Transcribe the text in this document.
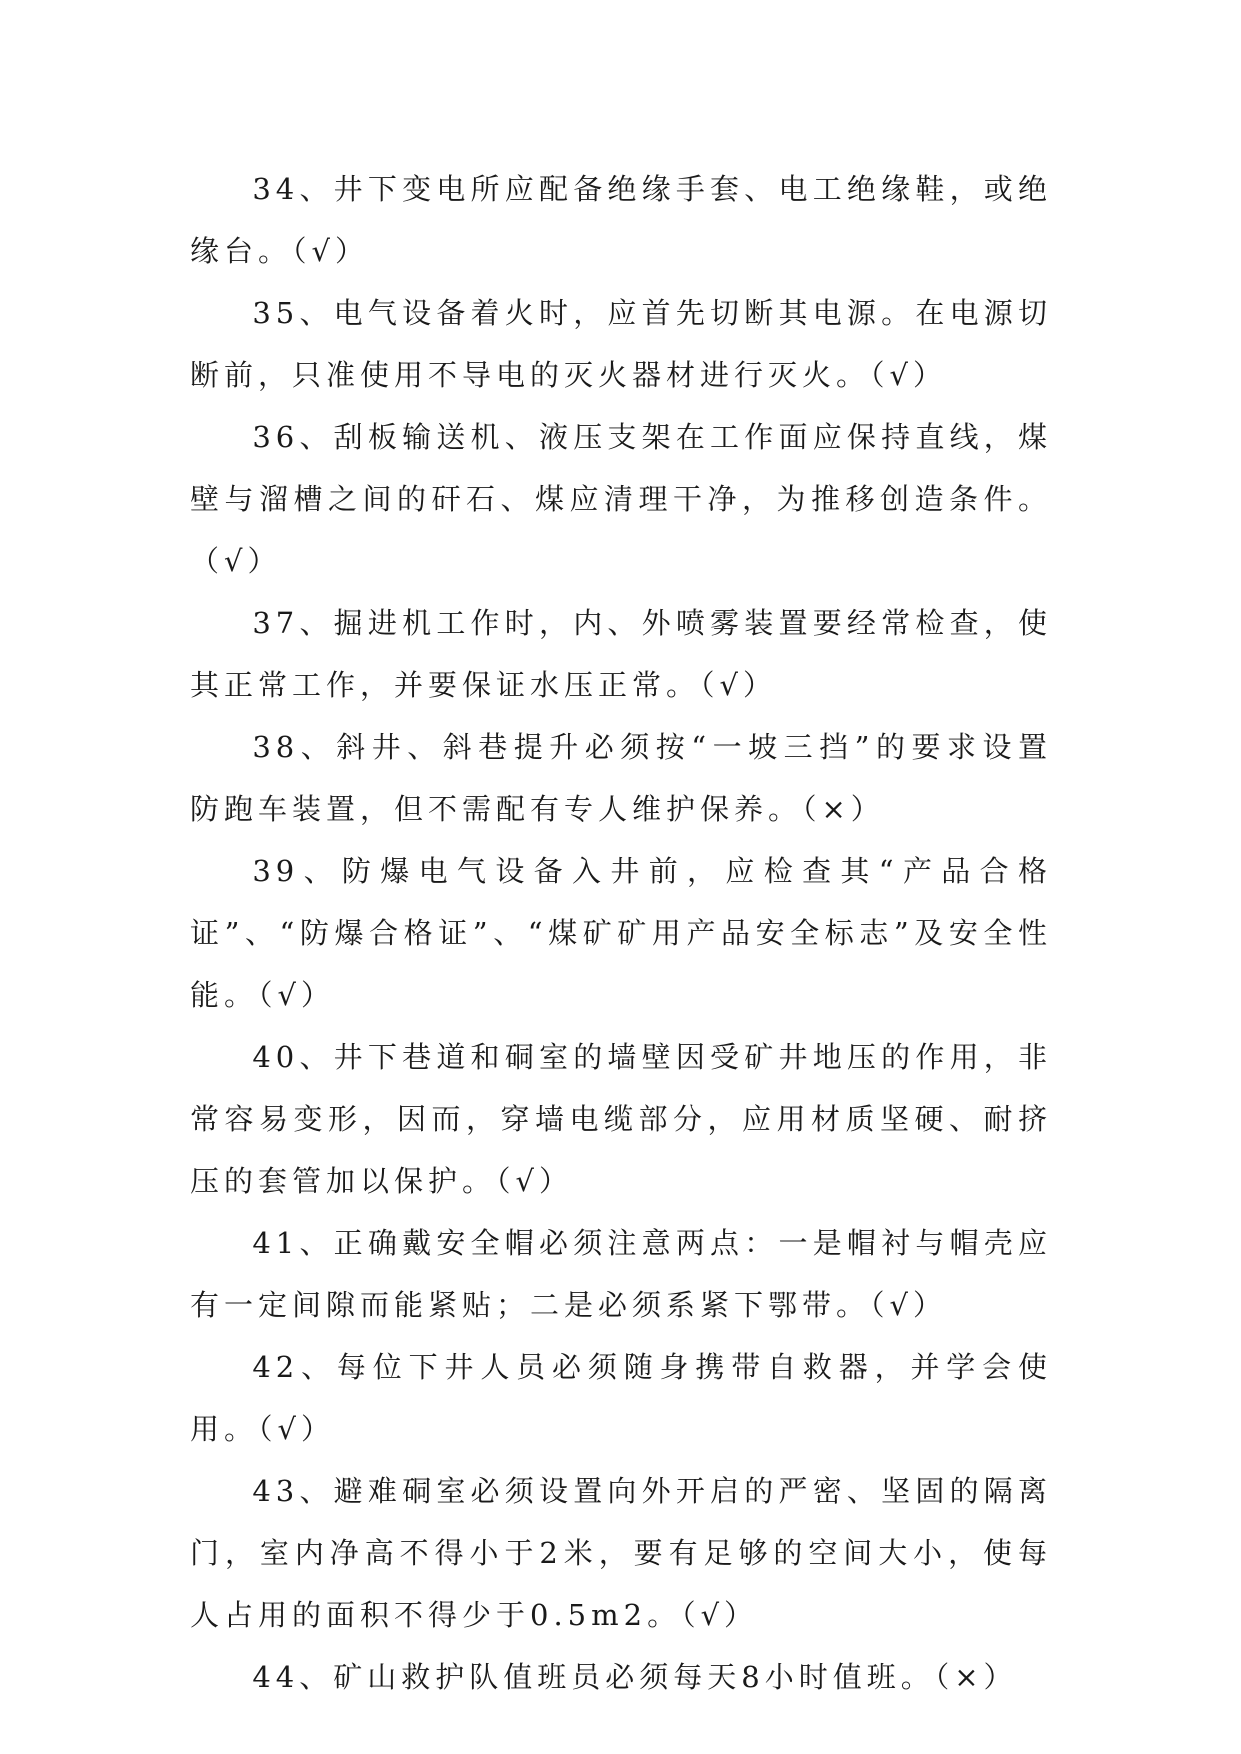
34、井下变电所应配备绝缘手套、电工绝缘鞋，或绝缘台。（√）

35、电气设备着火时，应首先切断其电源。在电源切断前，只准使用不导电的灭火器材进行灭火。（√）

36、刮板输送机、液压支架在工作面应保持直线，煤壁与溜槽之间的矸石、煤应清理干净，为推移创造条件。（√）

37、掘进机工作时，内、外喷雾装置要经常检查，使其正常工作，并要保证水压正常。（√）

38、斜井、斜巷提升必须按“一坡三挡”的要求设置防跑车装置，但不需配有专人维护保养。（×）

39、防爆电气设备入井前，应检查其“产品合格证”、“防爆合格证”、“煤矿矿用产品安全标志”及安全性能。（√）

40、井下巷道和硐室的墙壁因受矿井地压的作用，非常容易变形，因而，穿墙电缆部分，应用材质坚硬、耐挤压的套管加以保护。（√）

41、正确戴安全帽必须注意两点：一是帽衬与帽壳应有一定间隙而能紧贴；二是必须系紧下鄂带。（√）

42、每位下井人员必须随身携带自救器，并学会使用。（√）

43、避难硐室必须设置向外开启的严密、坚固的隔离门，室内净高不得小于2米，要有足够的空间大小，使每人占用的面积不得少于0.5m2。（√）

44、矿山救护队值班员必须每天8小时值班。（×）
